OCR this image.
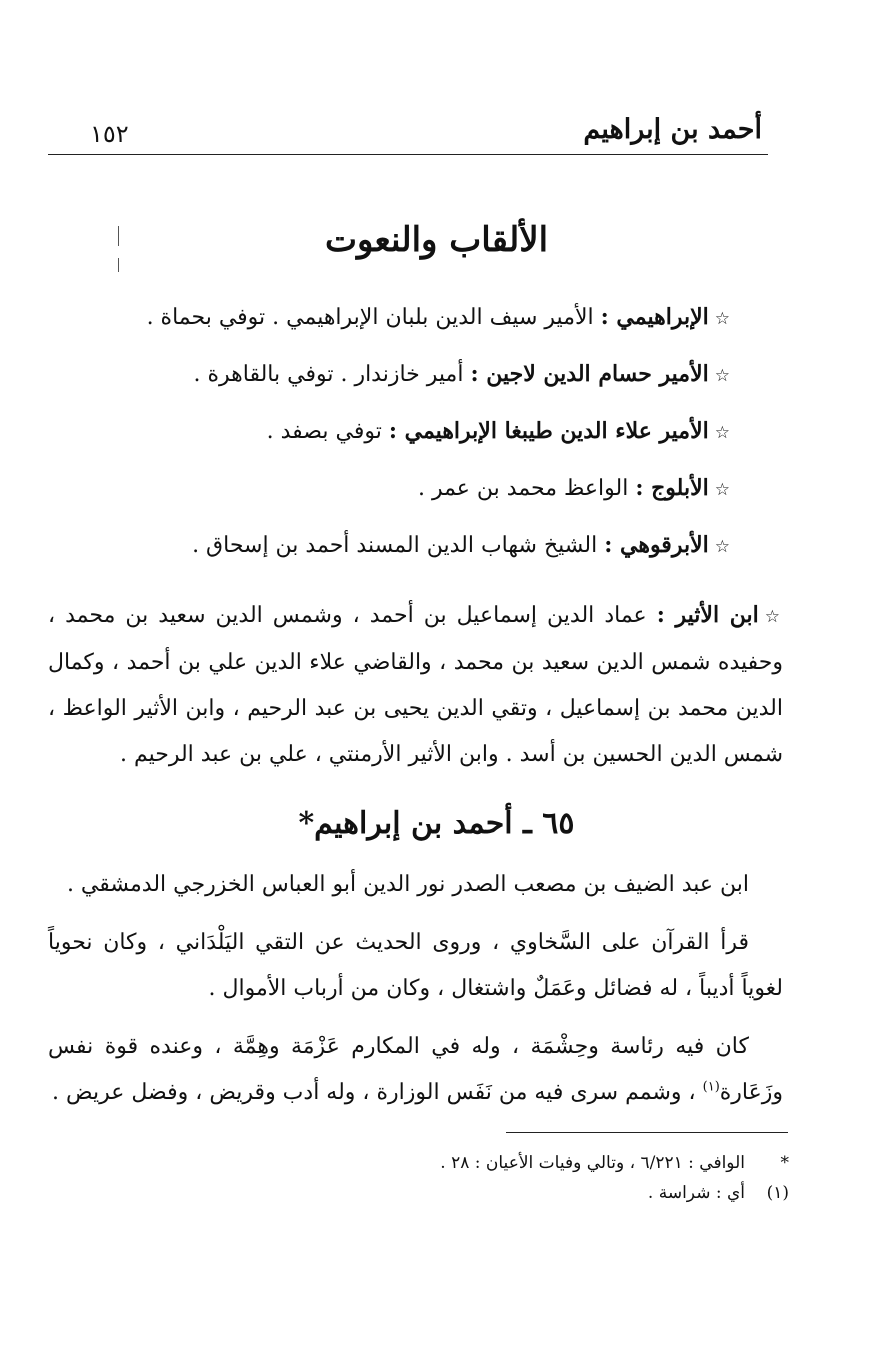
أحمد بن إبراهيم
١٥٢
الألقاب والنعوت

☆الإبراهيمي : الأمير سيف الدين بلبان الإبراهيمي . توفي بحماة .

☆الأمير حسام الدين لاجين : أمير خازندار . توفي بالقاهرة .

☆الأمير علاء الدين طيبغا الإبراهيمي : توفي بصفد .

☆الأبلوج : الواعظ محمد بن عمر .

☆الأبرقوهي : الشيخ شهاب الدين المسند أحمد بن إسحاق .

☆ابن الأثير : عماد الدين إسماعيل بن أحمد ، وشمس الدين سعيد بن محمد ، وحفيده شمس الدين سعيد بن محمد ، والقاضي علاء الدين علي بن أحمد ، وكمال الدين محمد بن إسماعيل ، وتقي الدين يحيى بن عبد الرحيم ، وابن الأثير الواعظ ، شمس الدين الحسين بن أسد . وابن الأثير الأرمنتي ، علي بن عبد الرحيم .

٦٥ ـ أحمد بن إبراهيم*

ابن عبد الضيف بن مصعب الصدر نور الدين أبو العباس الخزرجي الدمشقي .

قرأ القرآن على السَّخاوي ، وروى الحديث عن التقي اليَلْدَاني ، وكان نحوياً لغوياً أديباً ، له فضائل وعَمَلٌ واشتغال ، وكان من أرباب الأموال .

كان فيه رئاسة وحِشْمَة ، وله في المكارم عَزْمَة وهِمَّة ، وعنده قوة نفس وزَعَارة$^{(١)}$ ، وشمم سرى فيه من نَفَس الوزارة ، وله أدب وقريض ، وفضل عريض .

*الوافي : ٦/٢٢١ ، وتالي وفيات الأعيان : ٢٨ .

(١)أي : شراسة .
